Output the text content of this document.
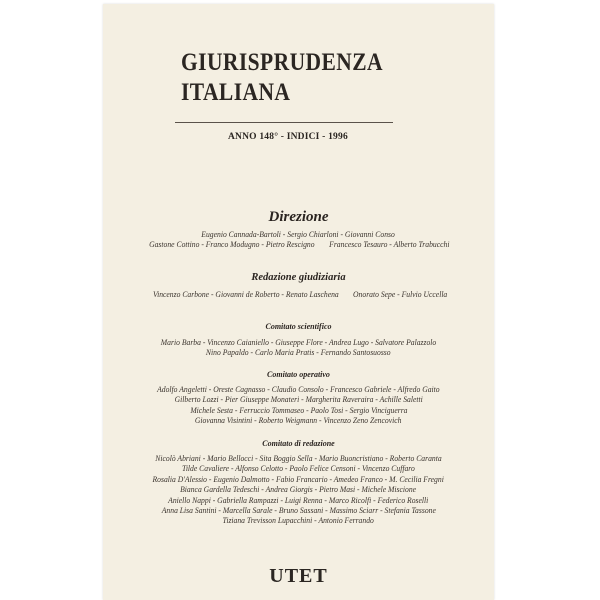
GIURISPRUDENZA
ITALIANA
ANNO 148° - INDICI - 1996
Direzione
Eugenio Cannada-Bartoli - Sergio Chiarloni - Giovanni Conso Gastone Cottino - Franco Modugno - Pietro Rescigno Francesco Tesauro - Alberto Trabucchi
Redazione giudiziaria
Vincenzo Carbone - Giovanni de Roberto - Renato Laschena Onorato Sepe - Fulvio Uccella
Comitato scientifico
Mario Barba - Vincenzo Caianiello - Giuseppe Flore - Andrea Lugo - Salvatore Palazzolo Nino Papaldo - Carlo Maria Pratis - Fernando Santosuosso
Comitato operativo
Adolfo Angeletti - Oreste Cagnasso - Claudio Consolo - Francesco Gabriele - Alfredo Gaito Gilberto Lozzi - Pier Giuseppe Monateri - Margherita Raveraira - Achille Saletti Michele Sesta - Ferruccio Tommaseo - Paolo Tosi - Sergio Vinciguerra Giovanna Visintini - Roberto Weigmann - Vincenzo Zeno Zencovich
Comitato di redazione
Nicolò Abriani - Mario Bellocci - Sita Boggio Sella - Mario Buoncristiano - Roberto Caranta Tilde Cavaliere - Alfonso Celotto - Paolo Felice Censoni - Vincenzo Cuffaro Rosalia D'Alessio - Eugenio Dalmotto - Fabio Francario - Amedeo Franco - M. Cecilia Fregni Bianca Gardella Tedeschi - Andrea Giorgis - Pietro Masi - Michele Miscione Aniello Nappi - Gabriella Rampazzi - Luigi Renna - Marco Ricolfi - Federico Roselli Anna Lisa Santini - Marcella Sarale - Bruno Sassani - Massimo Sciarr - Stefania Tassone Tiziana Trevisson Lupacchini - Antonio Ferrando
UTET
